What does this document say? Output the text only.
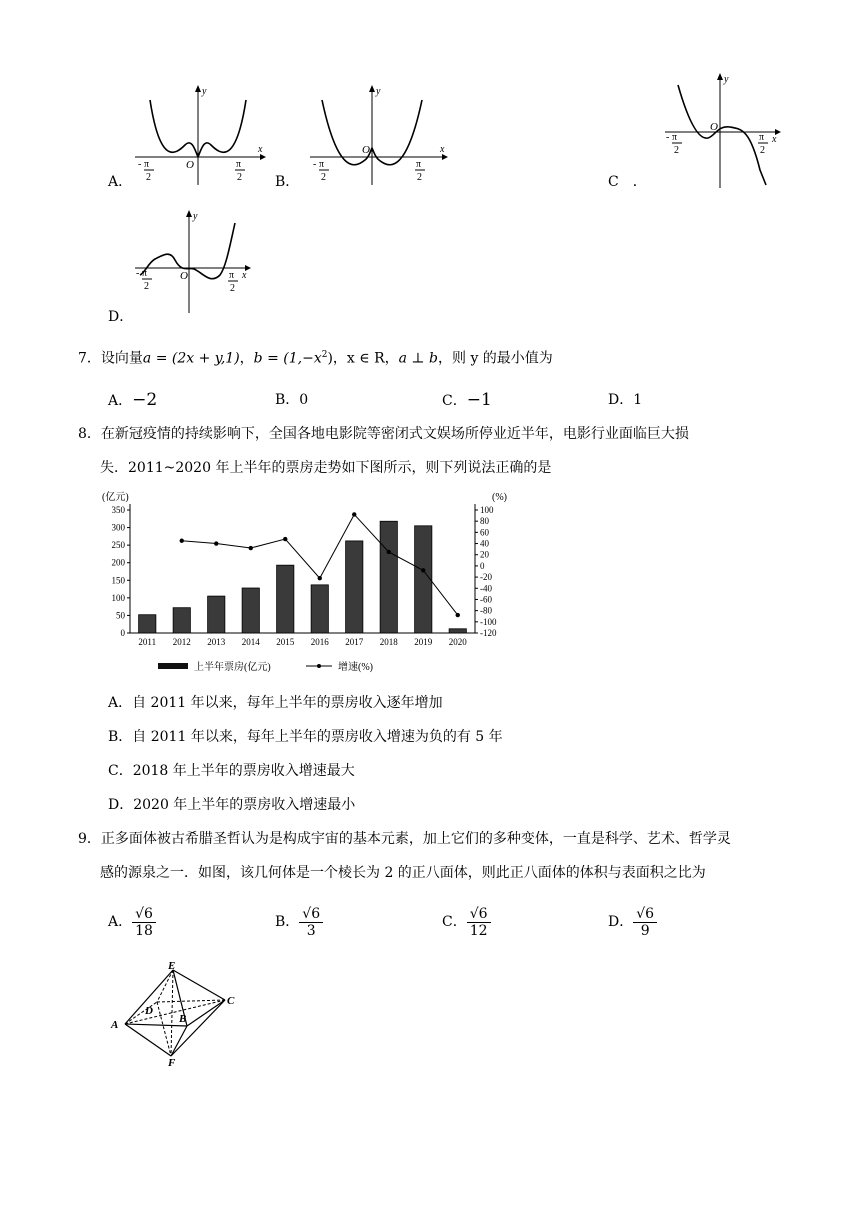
y
x
O
π
-
2
π
2
A．
y
x
O
- π
2
π
2
B．
y
x
O
- π
2
π
2
C　．
y
x
O
- π
2
π
2
D．
7．设向量a = (2x + y,1)，$b = (1,-x^2)$，x ∈ R，a ⊥ b，则 y 的最小值为
A．−2	B．0	C．−1	D．1
8．在新冠疫情的持续影响下，全国各地电影院等密闭式文娱场所停业近半年，电影行业面临巨大损
失．2011~2020 年上半年的票房走势如下图所示，则下列说法正确的是
(亿元)	(%)
0
50
100
150
200
250
300
350
-120
-100
-80
-60
-40
-20
0
20
40
60
80
100
2011 2012 2013 2014 2015 2016 2017 2018 2019 2020
上半年票房(亿元)	增速(%)
A．自 2011 年以来，每年上半年的票房收入逐年增加
B．自 2011 年以来，每年上半年的票房收入增速为负的有 5 年
C．2018 年上半年的票房收入增速最大
D．2020 年上半年的票房收入增速最小
9．正多面体被古希腊圣哲认为是构成宇宙的基本元素，加上它们的多种变体，一直是科学、艺术、哲学灵
感的源泉之一．如图，该几何体是一个棱长为 2 的正八面体，则此正八面体的体积与表面积之比为
A． $\frac{√6}{18}$	B． $\frac{√6}{3}$	C． $\frac{√6}{12}$	D． $\frac{√6}{9}$
E
C
D
B
A
F
